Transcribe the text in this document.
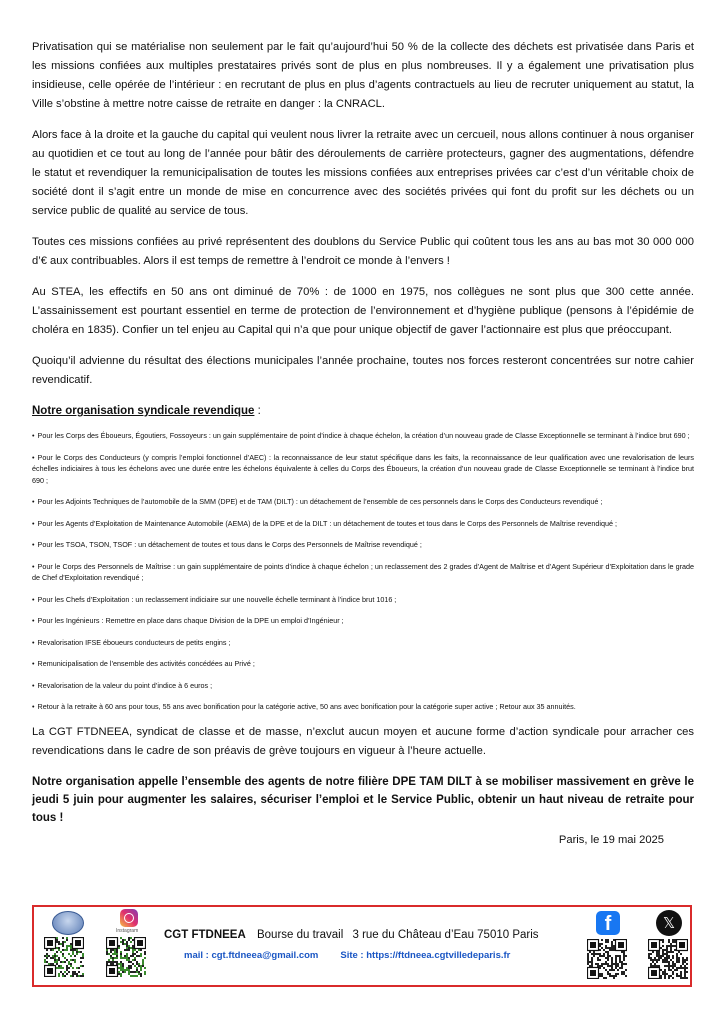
Privatisation qui se matérialise non seulement par le fait qu’aujourd’hui 50 % de la collecte des déchets est privatisée dans Paris et les missions confiées aux multiples prestataires privés sont de plus en plus nombreuses. Il y a également une privatisation plus insidieuse, celle opérée de l’intérieur : en recrutant de plus en plus d’agents contractuels au lieu de recruter uniquement au statut, la Ville s’obstine à mettre notre caisse de retraite en danger : la CNRACL.

Alors face à la droite et la gauche du capital qui veulent nous livrer la retraite avec un cercueil, nous allons continuer à nous organiser au quotidien et ce tout au long de l’année pour bâtir des déroulements de carrière protecteurs, gagner des augmentations, défendre le statut et revendiquer la remunicipalisation de toutes les missions confiées aux entreprises privées car c’est d’un véritable choix de société dont il s’agit entre un monde de mise en concurrence avec des sociétés privées qui font du profit sur les déchets ou un service public de qualité au service de tous.

Toutes ces missions confiées au privé représentent des doublons du Service Public qui coûtent tous les ans au bas mot 30 000 000 d’€ aux contribuables. Alors il est temps de remettre à l’endroit ce monde à l’envers !

Au STEA, les effectifs en 50 ans ont diminué de 70% : de 1000 en 1975, nos collègues ne sont plus que 300 cette année. L’assainissement est pourtant essentiel en terme de protection de l’environnement et d’hygiène publique (pensons à l’épidémie de choléra en 1835). Confier un tel enjeu au Capital qui n’a que pour unique objectif de gaver l’actionnaire est plus que préoccupant.

Quoiqu’il advienne du résultat des élections municipales l’année prochaine, toutes nos forces resteront concentrées sur notre cahier revendicatif.

Notre organisation syndicale revendique :
• Pour les Corps des Éboueurs, Égoutiers, Fossoyeurs : un gain supplémentaire de point d’indice à chaque échelon, la création d’un nouveau grade de Classe Exceptionnelle se terminant à l’indice brut 690 ;
• Pour le Corps des Conducteurs (y compris l’emploi fonctionnel d’AEC) : la reconnaissance de leur statut spécifique dans les faits, la reconnaissance de leur qualification avec une revalorisation de leurs échelles indiciaires à tous les échelons avec une durée entre les échelons équivalente à celles du Corps des Éboueurs, la création d’un nouveau grade de Classe Exceptionnelle se terminant à l’indice brut 690 ;
• Pour les Adjoints Techniques de l’automobile de la SMM (DPE) et de TAM (DILT) : un détachement de l’ensemble de ces personnels dans le Corps des Conducteurs revendiqué ;
• Pour les Agents d’Exploitation de Maintenance Automobile (AEMA) de la DPE et de la DILT : un détachement de toutes et tous dans le Corps des Personnels de Maîtrise revendiqué ;
• Pour les TSOA, TSON, TSOF : un détachement de toutes et tous dans le Corps des Personnels de Maîtrise revendiqué ;
• Pour le Corps des Personnels de Maîtrise : un gain supplémentaire de points d’indice à chaque échelon ; un reclassement des 2 grades d’Agent de Maîtrise et d’Agent Supérieur d’Exploitation dans le grade de Chef d’Exploitation revendiqué ;
• Pour les Chefs d’Exploitation : un reclassement indiciaire sur une nouvelle échelle terminant à l’indice brut 1016 ;
• Pour les Ingénieurs : Remettre en place dans chaque Division de la DPE un emploi d’Ingénieur ;
• Revalorisation IFSE éboueurs conducteurs de petits engins ;
• Remunicipalisation de l’ensemble des activités concédées au Privé ;
• Revalorisation de la valeur du point d’indice à 6 euros ;
• Retour à la retraite à 60 ans pour tous, 55 ans avec bonification pour la catégorie active, 50 ans avec bonification pour la catégorie super active ; Retour aux 35 annuités.

La CGT FTDNEEA, syndicat de classe et de masse, n’exclut aucun moyen et aucune forme d’action syndicale pour arracher ces revendications dans le cadre de son préavis de grève toujours en vigueur à l’heure actuelle.

Notre organisation appelle l’ensemble des agents de notre filière DPE TAM DILT à se mobiliser massivement en grève le jeudi 5 juin pour augmenter les salaires, sécuriser l’emploi et le Service Public, obtenir un haut niveau de retraite pour tous !

Paris, le 19 mai 2025

Instagram CGT FTDNEEA Bourse du travail 3 rue du Château d’Eau 75010 Paris
mail : cgt.ftdneea@gmail.com Site : https://ftdneea.cgtvilledeparis.fr
f	𝕏
